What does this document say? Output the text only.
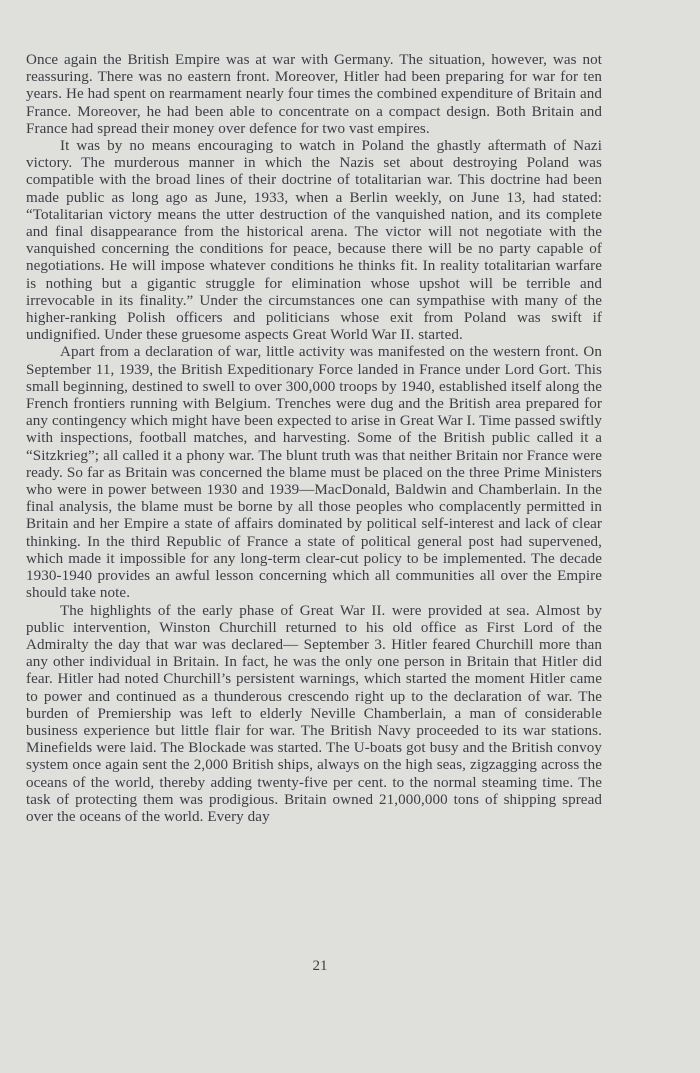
Once again the British Empire was at war with Germany. The situation, however, was not reassuring. There was no eastern front. Moreover, Hitler had been preparing for war for ten years. He had spent on rearmament nearly four times the combined expenditure of Britain and France. Moreover, he had been able to concentrate on a compact design. Both Britain and France had spread their money over defence for two vast empires.

It was by no means encouraging to watch in Poland the ghastly aftermath of Nazi victory. The murderous manner in which the Nazis set about destroying Poland was compatible with the broad lines of their doctrine of totalitarian war. This doctrine had been made public as long ago as June, 1933, when a Berlin weekly, on June 13, had stated: “Totalitarian victory means the utter destruction of the vanquished nation, and its complete and final disappearance from the historical arena. The victor will not negotiate with the vanquished concerning the conditions for peace, because there will be no party capable of negotiations. He will impose whatever conditions he thinks fit. In reality totalitarian warfare is nothing but a gigantic struggle for elimination whose upshot will be terrible and irrevocable in its finality.” Under the circumstances one can sympathise with many of the higher-ranking Polish officers and politicians whose exit from Poland was swift if undignified. Under these gruesome aspects Great World War II. started.

Apart from a declaration of war, little activity was manifested on the western front. On September 11, 1939, the British Expeditionary Force landed in France under Lord Gort. This small beginning, destined to swell to over 300,000 troops by 1940, established itself along the French frontiers running with Belgium. Trenches were dug and the British area prepared for any contingency which might have been expected to arise in Great War I. Time passed swiftly with inspections, football matches, and harvesting. Some of the British public called it a “Sitzkrieg”; all called it a phony war. The blunt truth was that neither Britain nor France were ready. So far as Britain was concerned the blame must be placed on the three Prime Ministers who were in power between 1930 and 1939—MacDonald, Baldwin and Chamberlain. In the final analysis, the blame must be borne by all those peoples who complacently permitted in Britain and her Empire a state of affairs dominated by political self-interest and lack of clear thinking. In the third Republic of France a state of political general post had supervened, which made it impossible for any long-term clear-cut policy to be implemented. The decade 1930-1940 provides an awful lesson concerning which all communities all over the Empire should take note.

The highlights of the early phase of Great War II. were provided at sea. Almost by public intervention, Winston Churchill returned to his old office as First Lord of the Admiralty the day that war was declared— September 3. Hitler feared Churchill more than any other individual in Britain. In fact, he was the only one person in Britain that Hitler did fear. Hitler had noted Churchill’s persistent warnings, which started the moment Hitler came to power and continued as a thunderous crescendo right up to the declaration of war. The burden of Premiership was left to elderly Neville Chamberlain, a man of considerable business experience but little flair for war. The British Navy proceeded to its war stations. Minefields were laid. The Blockade was started. The U-boats got busy and the British convoy system once again sent the 2,000 British ships, always on the high seas, zigzagging across the oceans of the world, thereby adding twenty-five per cent. to the normal steaming time. The task of protecting them was prodigious. Britain owned 21,000,000 tons of shipping spread over the oceans of the world. Every day

21
